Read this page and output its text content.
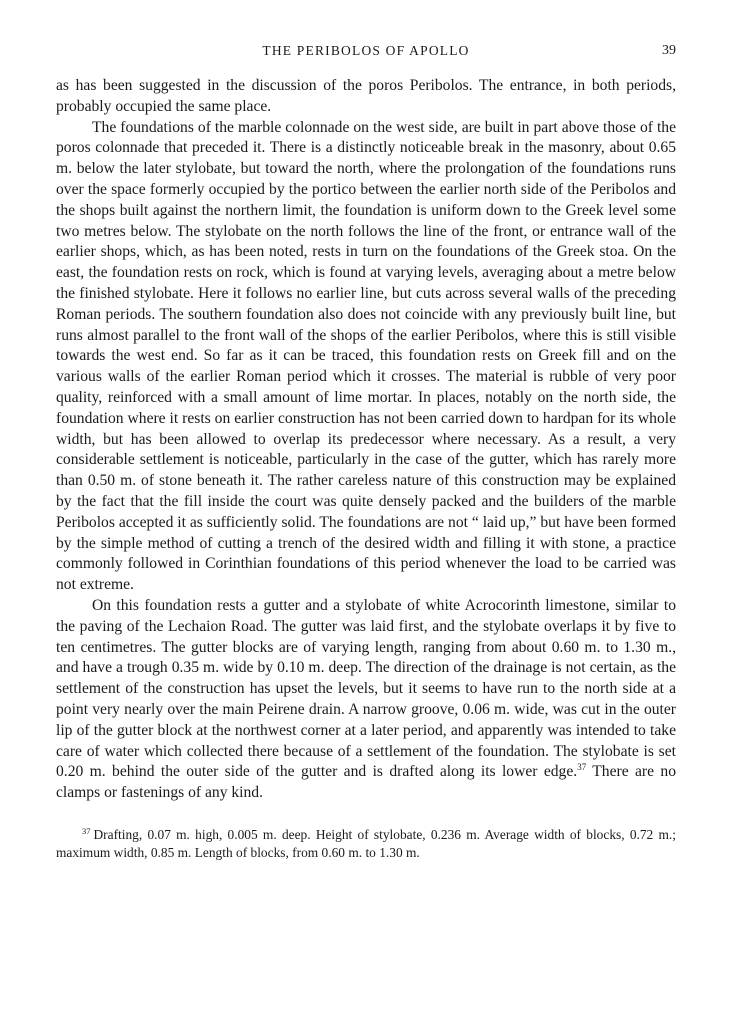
THE PERIBOLOS OF APOLLO	39

as has been suggested in the discussion of the poros Peribolos. The entrance, in both periods, probably occupied the same place.

The foundations of the marble colonnade on the west side, are built in part above those of the poros colonnade that preceded it. There is a distinctly noticeable break in the masonry, about 0.65 m. below the later stylobate, but toward the north, where the prolongation of the foundations runs over the space formerly occupied by the portico between the earlier north side of the Peribolos and the shops built against the northern limit, the foundation is uniform down to the Greek level some two metres below. The stylobate on the north follows the line of the front, or entrance wall of the earlier shops, which, as has been noted, rests in turn on the foundations of the Greek stoa. On the east, the foundation rests on rock, which is found at varying levels, averaging about a metre below the finished stylobate. Here it follows no earlier line, but cuts across several walls of the preceding Roman periods. The southern foundation also does not coincide with any previously built line, but runs almost parallel to the front wall of the shops of the earlier Peribolos, where this is still visible towards the west end. So far as it can be traced, this foundation rests on Greek fill and on the various walls of the earlier Roman period which it crosses. The material is rubble of very poor quality, reinforced with a small amount of lime mortar. In places, notably on the north side, the foundation where it rests on earlier construction has not been carried down to hardpan for its whole width, but has been allowed to overlap its predecessor where necessary. As a result, a very considerable settlement is noticeable, particularly in the case of the gutter, which has rarely more than 0.50 m. of stone beneath it. The rather careless nature of this construction may be explained by the fact that the fill inside the court was quite densely packed and the builders of the marble Peribolos accepted it as sufficiently solid. The foundations are not “ laid up,” but have been formed by the simple method of cutting a trench of the desired width and filling it with stone, a practice commonly followed in Corinthian foundations of this period whenever the load to be carried was not extreme.

On this foundation rests a gutter and a stylobate of white Acrocorinth limestone, similar to the paving of the Lechaion Road. The gutter was laid first, and the stylobate overlaps it by five to ten centimetres. The gutter blocks are of varying length, ranging from about 0.60 m. to 1.30 m., and have a trough 0.35 m. wide by 0.10 m. deep. The direction of the drainage is not certain, as the settlement of the construction has upset the levels, but it seems to have run to the north side at a point very nearly over the main Peirene drain. A narrow groove, 0.06 m. wide, was cut in the outer lip of the gutter block at the northwest corner at a later period, and apparently was intended to take care of water which collected there because of a settlement of the foundation. The stylobate is set 0.20 m. behind the outer side of the gutter and is drafted along its lower edge.$^{37}$ There are no clamps or fastenings of any kind.

$^{37}$ Drafting, 0.07 m. high, 0.005 m. deep. Height of stylobate, 0.236 m. Average width of blocks, 0.72 m.; maximum width, 0.85 m. Length of blocks, from 0.60 m. to 1.30 m.
